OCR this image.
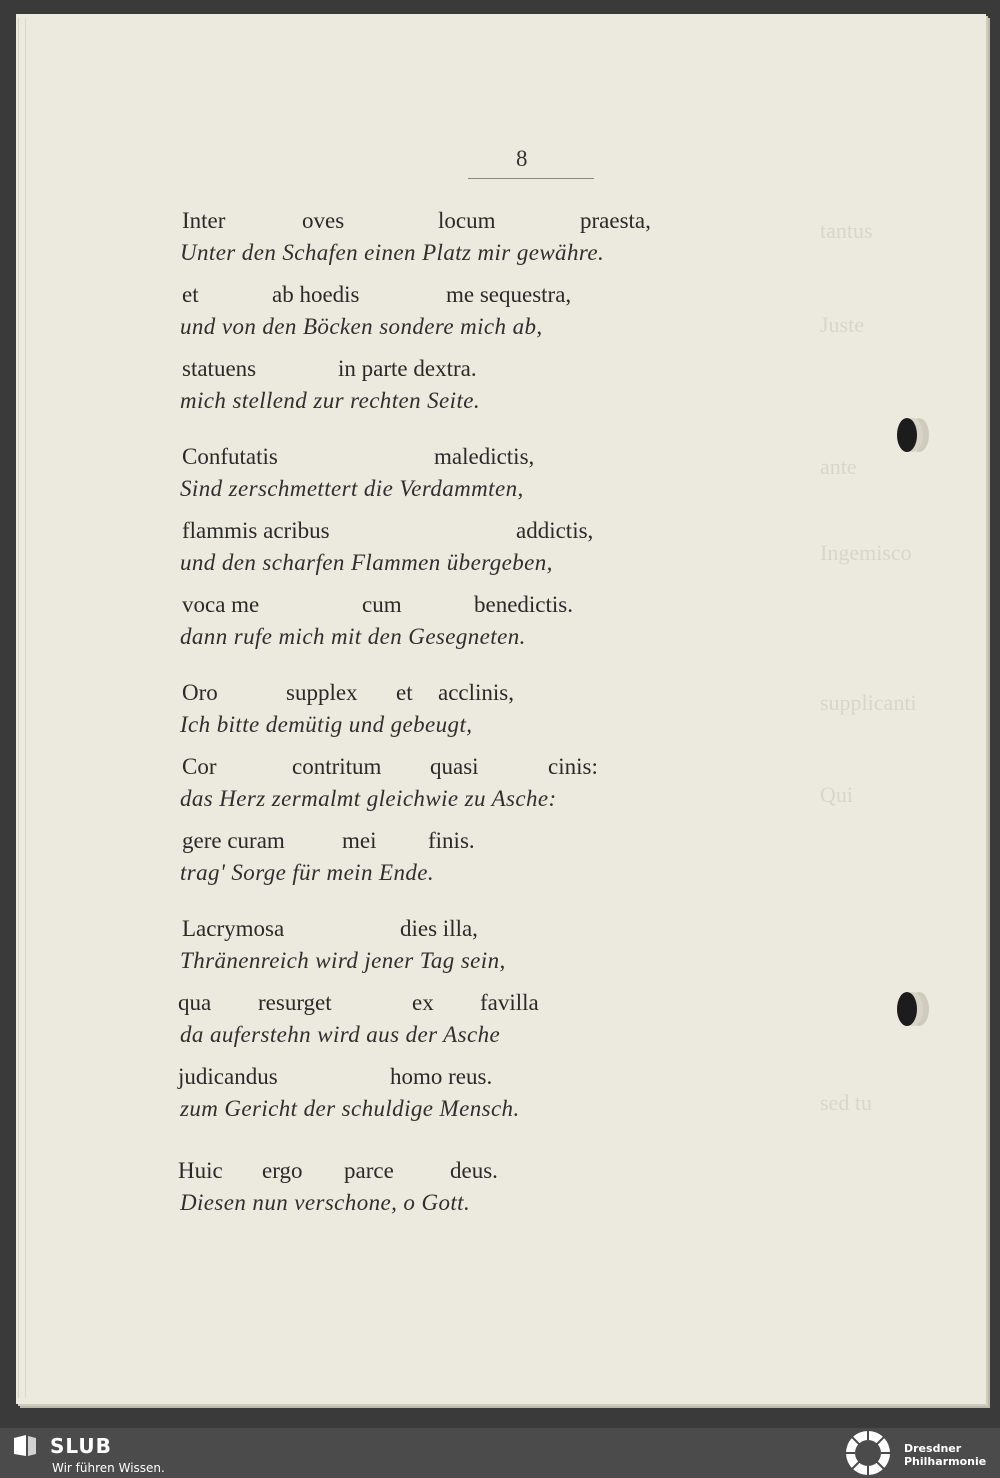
tantus
Juste
ante
Ingemisco
supplicanti
Qui
sed tu
8
Inter	oves	locum	praesta,
Unter den Schafen einen Platz mir gewähre.
et	ab hoedis	me sequestra,
und von den Böcken sondere mich ab,
statuens	in parte dextra.
mich stellend zur rechten Seite.
Confutatis	maledictis,
Sind zerschmettert die Verdammten,
flammis acribus	addictis,
und den scharfen Flammen übergeben,
voca me	cum	benedictis.
dann rufe mich mit den Gesegneten.
Oro	supplex et acclinis,
Ich bitte demütig und gebeugt,
Cor	contritum quasi	cinis:
das Herz zermalmt gleichwie zu Asche:
gere curam mei finis.
trag' Sorge für mein Ende.
Lacrymosa	dies illa,
Thränenreich wird jener Tag sein,
qua resurget	ex favilla
da auferstehn wird aus der Asche
judicandus	homo reus.
zum Gericht der schuldige Mensch.
Huic ergo parce deus.
Diesen nun verschone, o Gott.
SLUB
Wir führen Wissen.
Dresdner
Philharmonie
